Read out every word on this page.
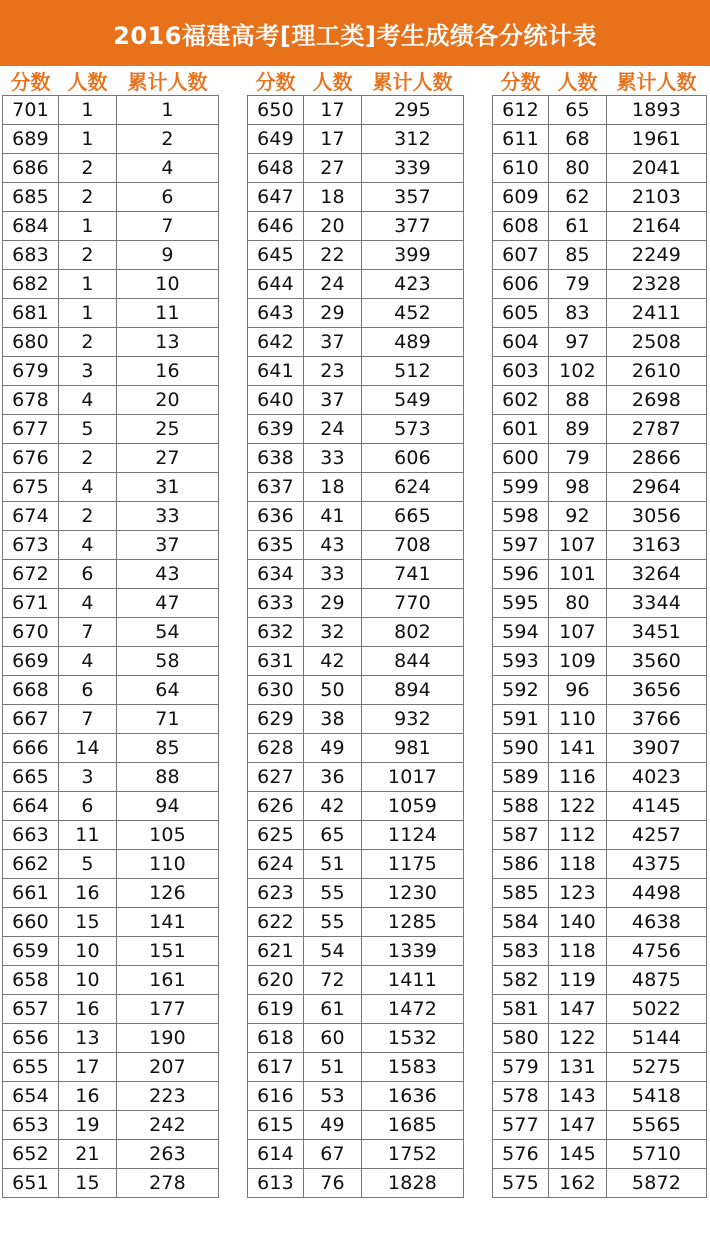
2016福建高考[理工类]考生成绩各分统计表
分数	人数	累计人数
701	1	1
689	1	2
686	2	4
685	2	6
684	1	7
683	2	9
682	1	10
681	1	11
680	2	13
679	3	16
678	4	20
677	5	25
676	2	27
675	4	31
674	2	33
673	4	37
672	6	43
671	4	47
670	7	54
669	4	58
668	6	64
667	7	71
666	14	85
665	3	88
664	6	94
663	11	105
662	5	110
661	16	126
660	15	141
659	10	151
658	10	161
657	16	177
656	13	190
655	17	207
654	16	223
653	19	242
652	21	263
651	15	278
分数	人数	累计人数
650	17	295
649	17	312
648	27	339
647	18	357
646	20	377
645	22	399
644	24	423
643	29	452
642	37	489
641	23	512
640	37	549
639	24	573
638	33	606
637	18	624
636	41	665
635	43	708
634	33	741
633	29	770
632	32	802
631	42	844
630	50	894
629	38	932
628	49	981
627	36	1017
626	42	1059
625	65	1124
624	51	1175
623	55	1230
622	55	1285
621	54	1339
620	72	1411
619	61	1472
618	60	1532
617	51	1583
616	53	1636
615	49	1685
614	67	1752
613	76	1828
分数	人数	累计人数
612	65	1893
611	68	1961
610	80	2041
609	62	2103
608	61	2164
607	85	2249
606	79	2328
605	83	2411
604	97	2508
603	102	2610
602	88	2698
601	89	2787
600	79	2866
599	98	2964
598	92	3056
597	107	3163
596	101	3264
595	80	3344
594	107	3451
593	109	3560
592	96	3656
591	110	3766
590	141	3907
589	116	4023
588	122	4145
587	112	4257
586	118	4375
585	123	4498
584	140	4638
583	118	4756
582	119	4875
581	147	5022
580	122	5144
579	131	5275
578	143	5418
577	147	5565
576	145	5710
575	162	5872
